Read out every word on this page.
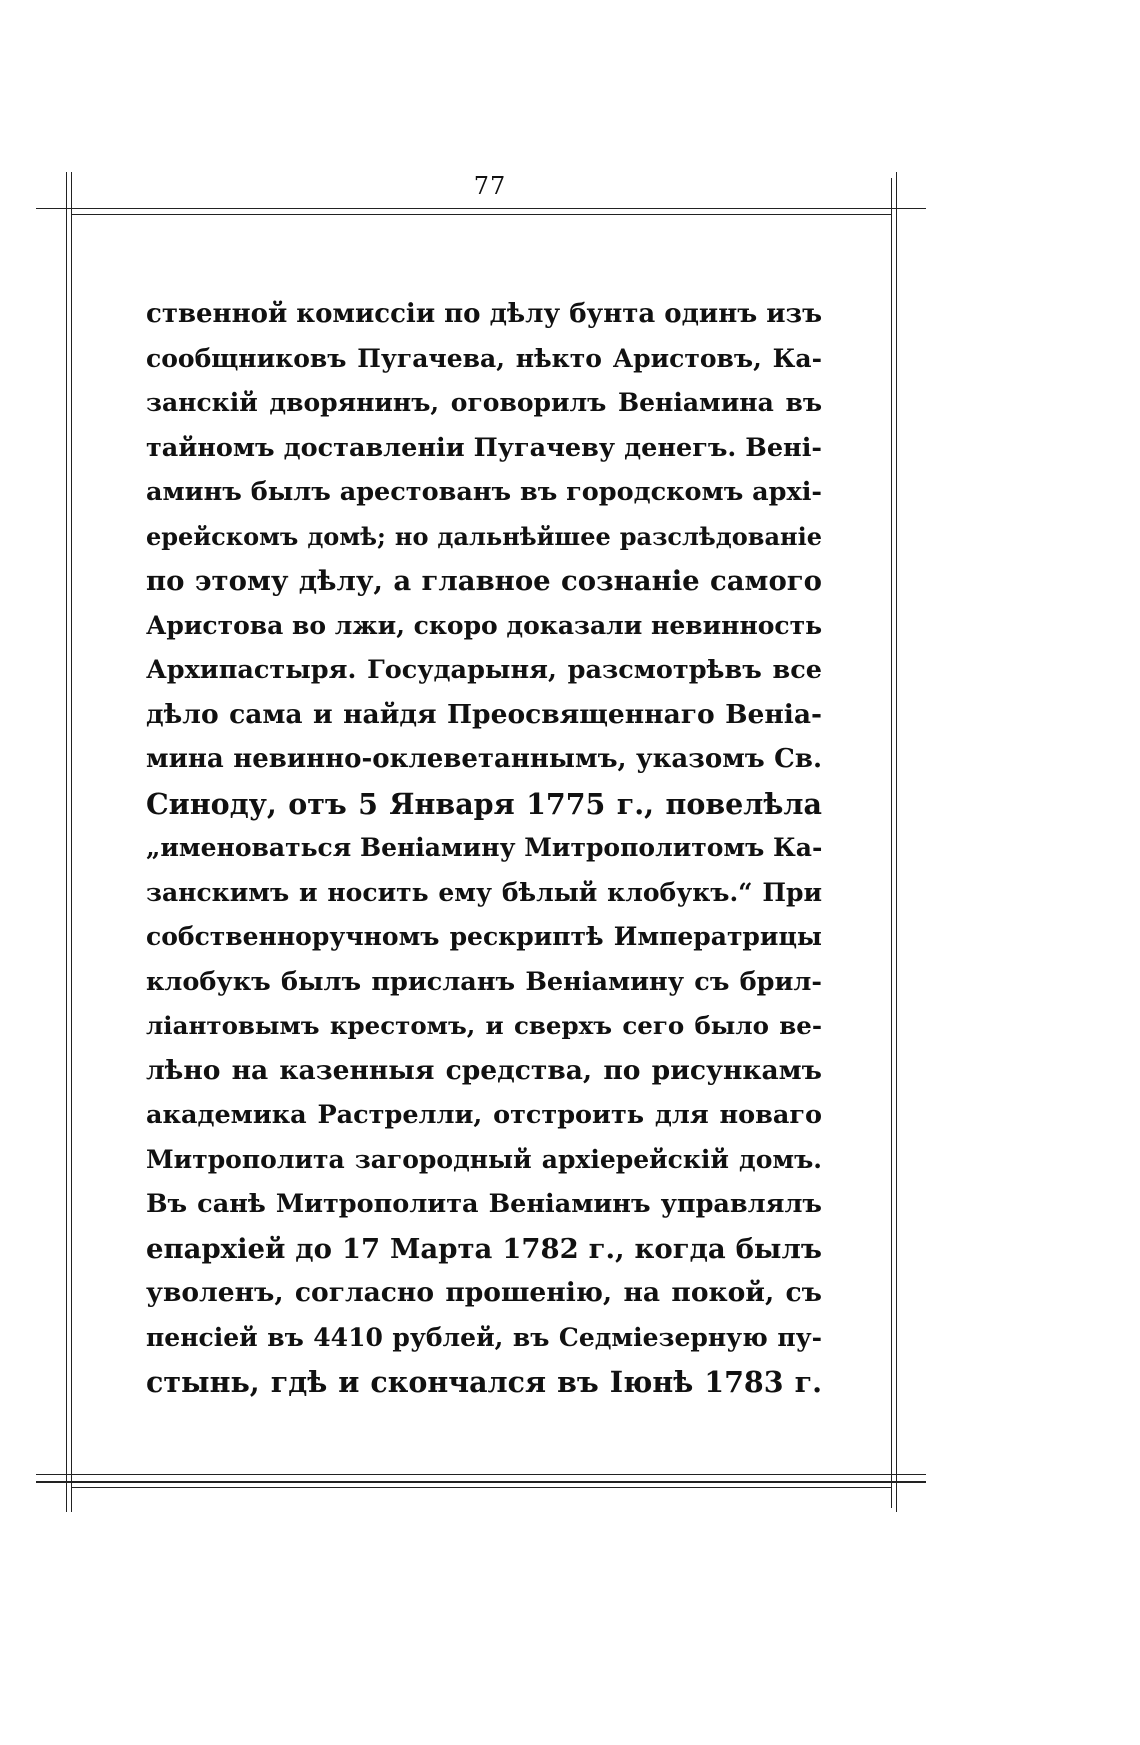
77
ственной комиссіи по дѣлу бунта одинъ изъ
сообщниковъ Пугачева, нѣкто Аристовъ, Ка-
занскій дворянинъ, оговорилъ Веніамина въ
тайномъ доставленіи Пугачеву денегъ. Вені-
аминъ былъ арестованъ въ городскомъ архі-
ерейскомъ домѣ; но дальнѣйшее разслѣдованіе
по этому дѣлу, а главное сознаніе самого
Аристова во лжи, скоро доказали невинность
Архипастыря. Государыня, разсмотрѣвъ все
дѣло сама и найдя Преосвященнаго Веніа-
мина невинно-оклеветаннымъ, указомъ Св.
Синоду, отъ 5 Января 1775 г., повелѣла
„именоваться Веніамину Митрополитомъ Ка-
занскимъ и носить ему бѣлый клобукъ.“ При
собственноручномъ рескриптѣ Императрицы
клобукъ былъ присланъ Веніамину съ брил-
ліантовымъ крестомъ, и сверхъ сего было ве-
лѣно на казенныя средства, по рисункамъ
академика Растрелли, отстроить для новаго
Митрополита загородный архіерейскій домъ.
Въ санѣ Митрополита Веніаминъ управлялъ
епархіей до 17 Марта 1782 г., когда былъ
уволенъ, согласно прошенію, на покой, съ
пенсіей въ 4410 рублей, въ Седміезерную пу-
стынь, гдѣ и скончался въ Іюнѣ 1783 г.
